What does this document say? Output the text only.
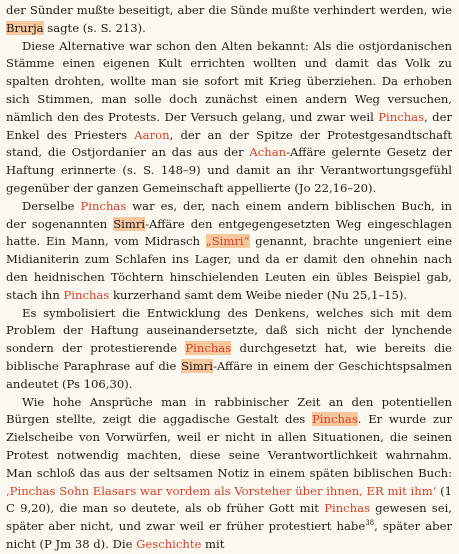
der Sünder mußte beseitigt, aber die Sünde mußte verhindert werden, wie Brurja sagte (s. S. 213).

Diese Alternative war schon den Alten bekannt: Als die ostjordanischen Stämme einen eigenen Kult errichten wollten und damit das Volk zu spalten drohten, wollte man sie sofort mit Krieg überziehen. Da erhoben sich Stimmen, man solle doch zunächst einen andern Weg versuchen, nämlich den des Protests. Der Versuch gelang, und zwar weil Pinchas, der Enkel des Priesters Aaron, der an der Spitze der Protestgesandtschaft stand, die Ostjordanier an das aus der Achan-Affäre gelernte Gesetz der Haftung erinnerte (s. S. 148–9) und damit an ihr Verantwortungsgefühl gegenüber der ganzen Gemeinschaft appellierte (Jo 22,16–20).

Derselbe Pinchas war es, der, nach einem andern biblischen Buch, in der sogenannten Simri-Affäre den entgegengesetzten Weg eingeschlagen hatte. Ein Mann, vom Midrasch „Simri“ genannt, brachte ungeniert eine Midianiterin zum Schlafen ins Lager, und da er damit den ohnehin nach den heidnischen Töchtern hinschielenden Leuten ein übles Beispiel gab, stach ihn Pinchas kurzerhand samt dem Weibe nieder (Nu 25,1–15).

Es symbolisiert die Entwicklung des Denkens, welches sich mit dem Problem der Haftung auseinandersetzte, daß sich nicht der lynchende sondern der protestierende Pinchas durchgesetzt hat, wie bereits die biblische Paraphrase auf die Simri-Affäre in einem der Geschichtspsalmen andeutet (Ps 106,30).

Wie hohe Ansprüche man in rabbinischer Zeit an den potentiellen Bürgen stellte, zeigt die aggadische Gestalt des Pinchas. Er wurde zur Zielscheibe von Vorwürfen, weil er nicht in allen Situationen, die seinen Protest notwendig machten, diese seine Verantwortlichkeit wahrnahm. Man schloß das aus der seltsamen Notiz in einem späten biblischen Buch: ‚Pinchas Sohn Elasars war vordem als Vorsteher über ihnen, ER mit ihm‘ (1 C 9,20), die man so deutete, als ob früher Gott mit Pinchas gewesen sei, später aber nicht, und zwar weil er früher protestiert habe$^{38}$, später aber nicht (P Jm 38 d). Die Geschichte mit
